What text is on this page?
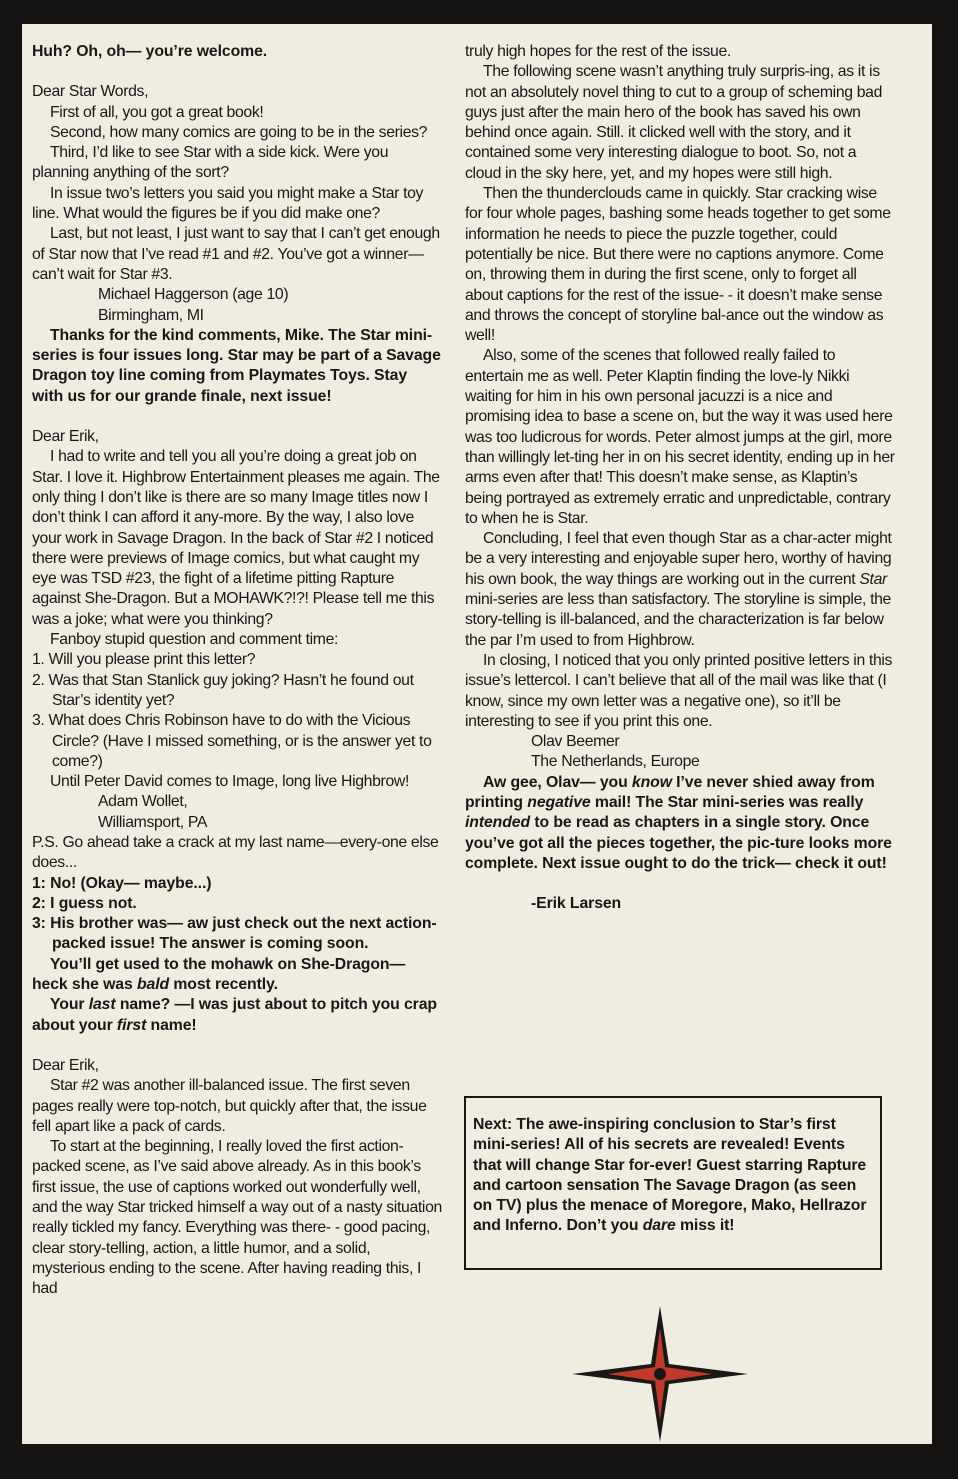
Huh? Oh, oh— you’re welcome.

Dear Star Words,

First of all, you got a great book!

Second, how many comics are going to be in the series?

Third, I’d like to see Star with a side kick. Were you planning anything of the sort?

In issue two’s letters you said you might make a Star toy line. What would the figures be if you did make one?

Last, but not least, I just want to say that I can’t get enough of Star now that I’ve read #1 and #2. You’ve got a winner—can’t wait for Star #3.

Michael Haggerson (age 10)

Birmingham, MI

Thanks for the kind comments, Mike. The Star mini-series is four issues long. Star may be part of a Savage Dragon toy line coming from Playmates Toys. Stay with us for our grande finale, next issue!

Dear Erik,

I had to write and tell you all you’re doing a great job on Star. I love it. Highbrow Entertainment pleases me again. The only thing I don’t like is there are so many Image titles now I don’t think I can afford it any-more. By the way, I also love your work in Savage Dragon. In the back of Star #2 I noticed there were previews of Image comics, but what caught my eye was TSD #23, the fight of a lifetime pitting Rapture against She-Dragon. But a MOHAWK?!?! Please tell me this was a joke; what were you thinking?

Fanboy stupid question and comment time:

1. Will you please print this letter?

2. Was that Stan Stanlick guy joking? Hasn’t he found out Star’s identity yet?

3. What does Chris Robinson have to do with the Vicious Circle? (Have I missed something, or is the answer yet to come?)

Until Peter David comes to Image, long live Highbrow!

Adam Wollet,

Williamsport, PA

P.S. Go ahead take a crack at my last name—every-one else does...

1: No! (Okay— maybe...)

2: I guess not.

3: His brother was— aw just check out the next action-packed issue! The answer is coming soon.

You’ll get used to the mohawk on She-Dragon— heck she was bald most recently.

Your last name? —I was just about to pitch you crap about your first name!

Dear Erik,

Star #2 was another ill-balanced issue. The first seven pages really were top-notch, but quickly after that, the issue fell apart like a pack of cards.

To start at the beginning, I really loved the first action-packed scene, as I’ve said above already. As in this book’s first issue, the use of captions worked out wonderfully well, and the way Star tricked himself a way out of a nasty situation really tickled my fancy. Everything was there- - good pacing, clear story-telling, action, a little humor, and a solid, mysterious ending to the scene. After having reading this, I had

truly high hopes for the rest of the issue.

The following scene wasn’t anything truly surpris-ing, as it is not an absolutely novel thing to cut to a group of scheming bad guys just after the main hero of the book has saved his own behind once again. Still. it clicked well with the story, and it contained some very interesting dialogue to boot. So, not a cloud in the sky here, yet, and my hopes were still high.

Then the thunderclouds came in quickly. Star cracking wise for four whole pages, bashing some heads together to get some information he needs to piece the puzzle together, could potentially be nice. But there were no captions anymore. Come on, throwing them in during the first scene, only to forget all about captions for the rest of the issue- - it doesn’t make sense and throws the concept of storyline bal-ance out the window as well!

Also, some of the scenes that followed really failed to entertain me as well. Peter Klaptin finding the love-ly Nikki waiting for him in his own personal jacuzzi is a nice and promising idea to base a scene on, but the way it was used here was too ludicrous for words. Peter almost jumps at the girl, more than willingly let-ting her in on his secret identity, ending up in her arms even after that! This doesn’t make sense, as Klaptin’s being portrayed as extremely erratic and unpredictable, contrary to when he is Star.

Concluding, I feel that even though Star as a char-acter might be a very interesting and enjoyable super hero, worthy of having his own book, the way things are working out in the current Star mini-series are less than satisfactory. The storyline is simple, the story-telling is ill-balanced, and the characterization is far below the par I’m used to from Highbrow.

In closing, I noticed that you only printed positive letters in this issue’s lettercol. I can’t believe that all of the mail was like that (I know, since my own letter was a negative one), so it’ll be interesting to see if you print this one.

Olav Beemer

The Netherlands, Europe

Aw gee, Olav— you know I’ve never shied away from printing negative mail! The Star mini-series was really intended to be read as chapters in a single story. Once you’ve got all the pieces together, the pic-ture looks more complete. Next issue ought to do the trick— check it out!

-Erik Larsen

Next: The awe-inspiring conclusion to Star’s first mini-series! All of his secrets are revealed! Events that will change Star for-ever! Guest starring Rapture and cartoon sensation The Savage Dragon (as seen on TV) plus the menace of Moregore, Mako, Hellrazor and Inferno. Don’t you dare miss it!
